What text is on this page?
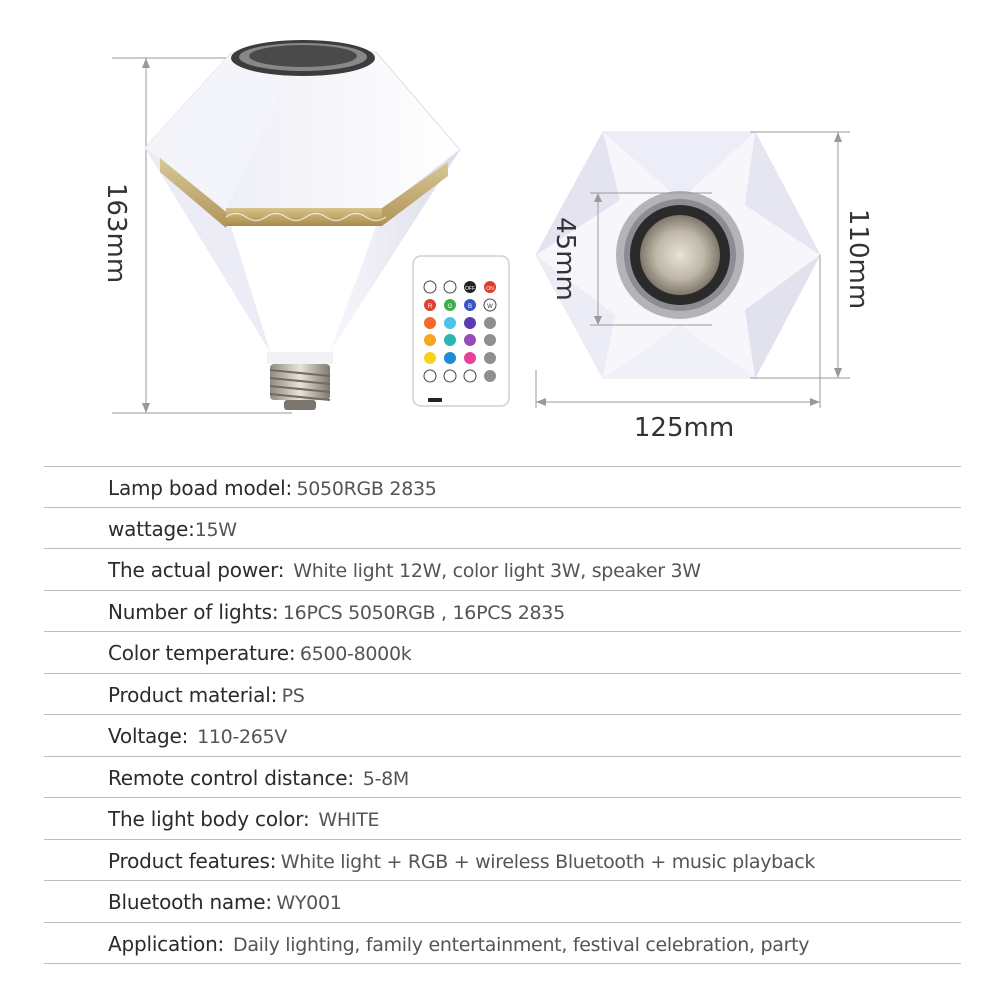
163mm
OFF ON
R	G	B	W
45mm	110mm
125mm
Lamp boad model: 5050RGB 2835
wattage:15W
The actual power: White light 12W, color light 3W, speaker 3W
Number of lights: 16PCS 5050RGB , 16PCS 2835
Color temperature: 6500-8000k
Product material: PS
Voltage: 110-265V
Remote control distance: 5-8M
The light body color: WHITE
Product features: White light + RGB + wireless Bluetooth + music playback
Bluetooth name: WY001
Application: Daily lighting, family entertainment, festival celebration, party
